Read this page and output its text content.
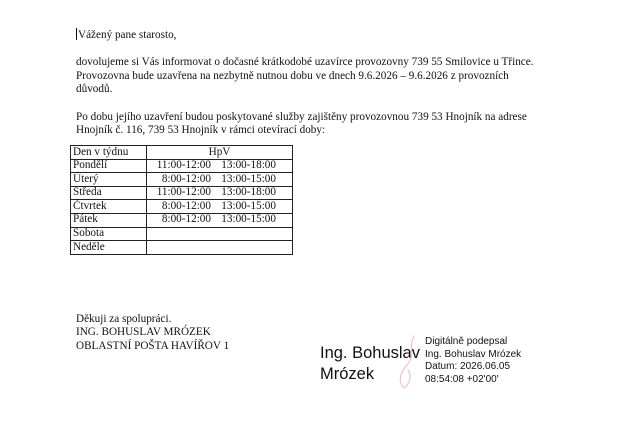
Vážený pane starosto,

dovolujeme si Vás informovat o dočasné krátkodobé uzavírce provozovny 739 55 Smilovice u Třince.

Provozovna bude uzavřena na nezbytně nutnou dobu ve dnech 9.6.2026 – 9.6.2026 z provozních

důvodů.

Po dobu jejího uzavření budou poskytované služby zajištěny provozovnou 739 53 Hnojník na adrese

Hnojník č. 116, 739 53 Hnojník v rámci otevírací doby:

Den v týdnu	HpV
Pondělí	11:00-12:00 13:00-18:00
Úterý	8:00-12:00 13:00-15:00
Středa	11:00-12:00 13:00-18:00
Čtvrtek	8:00-12:00 13:00-15:00
Pátek	8:00-12:00 13:00-15:00
Sobota	
Neděle	

Děkuji za spolupráci.

ING. BOHUSLAV MRÓZEK

OBLASTNÍ POŠTA HAVÍŘOV 1	Ing. Bohuslav
Mrózek
Digitálně podepsal
Ing. Bohuslav Mrózek
Datum: 2026.06.05
08:54:08 +02'00'
